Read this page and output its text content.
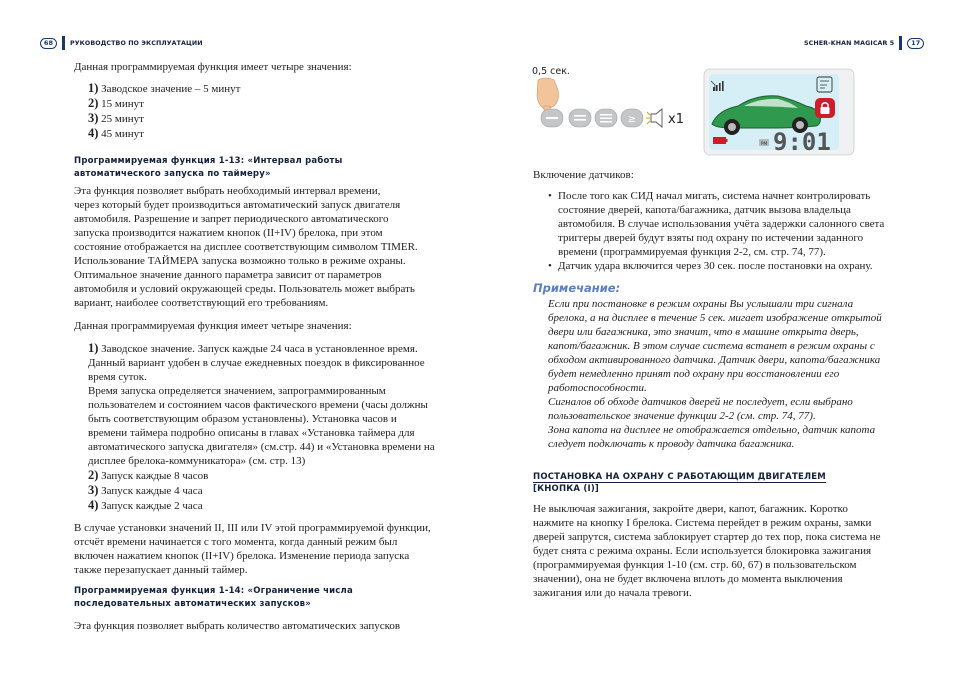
68	РУКОВОДСТВО ПО ЭКСПЛУАТАЦИИ	SCHER-KHAN MAGICAR 5	17

Данная программируемая функция имеет четыре значения:

1) Заводское значение – 5 минут
2) 15 минут
3) 25 минут
4) 45 минут
Программируемая функция 1-13: «Интервал работы
автоматического запуска по таймеру»
Эта функция позволяет выбрать необходимый интервал времени,
через который будет производиться автоматический запуск двигателя
автомобиля. Разрешение и запрет периодического автоматического
запуска производится нажатием кнопок (II+IV) брелока, при этом
состояние отображается на дисплее соответствующим символом TIMER.
Использование ТАЙМЕРА запуска возможно только в режиме охраны.
Оптимальное значение данного параметра зависит от параметров
автомобиля и условий окружающей среды. Пользователь может выбрать
вариант, наиболее соответствующий его требованиям.

Данная программируемая функция имеет четыре значения:

1) Заводское значение. Запуск каждые 24 часа в установленное время.
Данный вариант удобен в случае ежедневных поездок в фиксированное
время суток.
Время запуска определяется значением, запрограммированным
пользователем и состоянием часов фактического времени (часы должны
быть соответствующим образом установлены). Установка часов и
времени таймера подробно описаны в главах «Установка таймера для
автоматического запуска двигателя» (см.стр. 44) и «Установка времени на
дисплее брелока-коммуникатора» (см. стр. 13)
2) Запуск каждые 8 часов
3) Запуск каждые 4 часа
4) Запуск каждые 2 часа
В случае установки значений II, III или IV этой программируемой функции,
отсчёт времени начинается с того момента, когда данный режим был
включен нажатием кнопок (II+IV) брелока. Изменение периода запуска
также перезапускает данный таймер.
Программируемая функция 1-14: «Ограничение числа
последовательных автоматических запусков»

Эта функция позволяет выбрать количество автоматических запусков

0,5 сек.
≥ x1
PM 9:01

Включение датчиков:

• После того как СИД начал мигать, система начнет контролировать
состояние дверей, капота/багажника, датчик вызова владельца
автомобиля. В случае использования учёта задержки салонного света
триггеры дверей будут взяты под охрану по истечении заданного
времени (программируемая функция 2-2, см. стр. 74, 77).
• Датчик удара включится через 30 сек. после постановки на охрану.
Примечание:
Если при постановке в режим охраны Вы услышали три сигнала
брелока, а на дисплее в течение 5 сек. мигает изображение открытой
двери или багажника, это значит, что в машине открыта дверь,
капот/багажник. В этом случае система встанет в режим охраны с
обходом активированного датчика. Датчик двери, капота/багажника
будет немедленно принят под охрану при восстановлении его
работоспособности.
Сигналов об обходе датчиков дверей не последует, если выбрано
пользовательское значение функции 2-2 (см. стр. 74, 77).
Зона капота на дисплее не отображается отдельно, датчик капота
следует подключать к проводу датчика багажника.
ПОСТАНОВКА НА ОХРАНУ С РАБОТАЮЩИМ ДВИГАТЕЛЕМ
[КНОПКА (I)]
Не выключая зажигания, закройте двери, капот, багажник. Коротко
нажмите на кнопку I брелока. Система перейдет в режим охраны, замки
дверей запрутся, система заблокирует стартер до тех пор, пока система не
будет снята с режима охраны. Если используется блокировка зажигания
(программируемая функция 1-10 (см. стр. 60, 67) в пользовательском
значении), она не будет включена вплоть до момента выключения
зажигания или до начала тревоги.
